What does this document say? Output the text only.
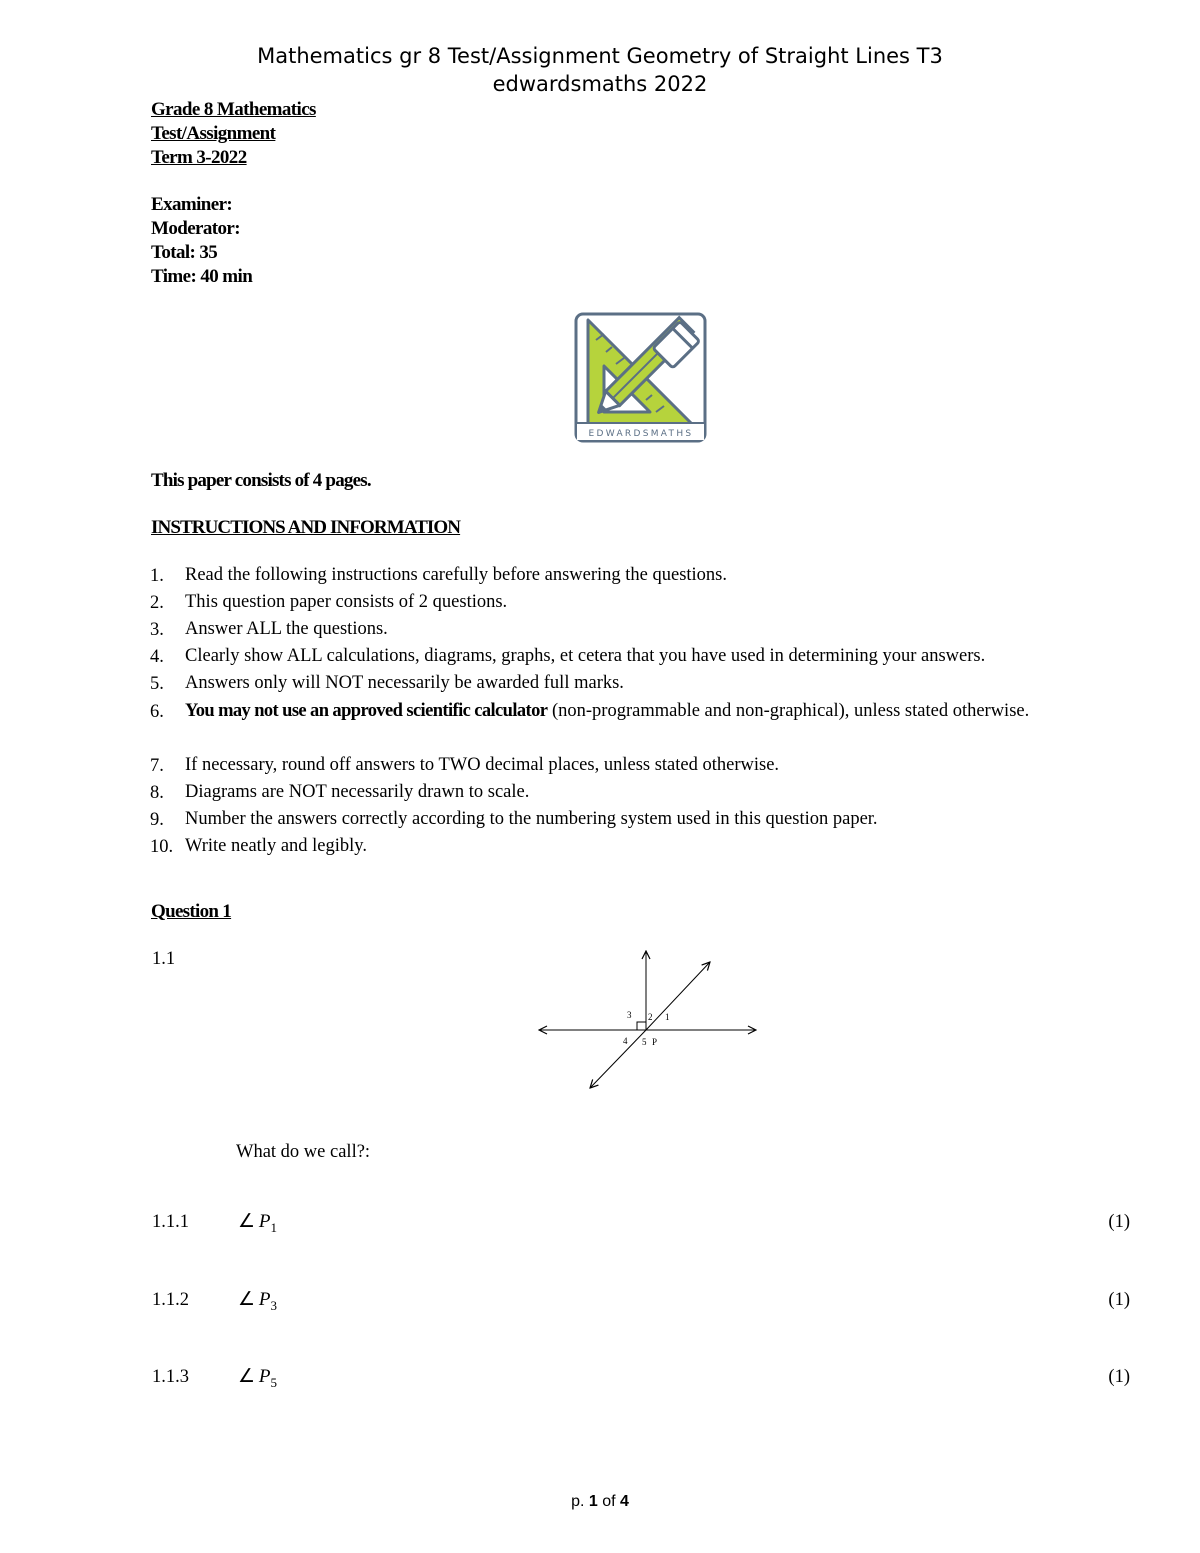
Mathematics gr 8 Test/Assignment Geometry of Straight Lines T3
edwardsmaths 2022
Grade 8 Mathematics
Test/Assignment
Term 3-2022
Examiner:
Moderator:
Total: 35
Time: 40 min
EDWARDSMATHS
This paper consists of 4 pages.
INSTRUCTIONS AND INFORMATION
1.	Read the following instructions carefully before answering the questions.
2.	This question paper consists of 2 questions.
3.	Answer ALL the questions.
4.	Clearly show ALL calculations, diagrams, graphs, et cetera that you have used in determining your answers.
5.	Answers only will NOT necessarily be awarded full marks.
6.	You may not use an approved scientific calculator (non-programmable and non-graphical), unless stated otherwise.
7.	If necessary, round off answers to TWO decimal places, unless stated otherwise.
8.	Diagrams are NOT necessarily drawn to scale.
9.	Number the answers correctly according to the numbering system used in this question paper.
10. Write neatly and legibly.
Question 1
1.1
3 2 1
4 5 P
What do we call?:
1.1.1	∠  $P_1$	(1)
1.1.2	∠  $P_3$	(1)
1.1.3	∠  $P_5$	(1)
p. 1 of 4
